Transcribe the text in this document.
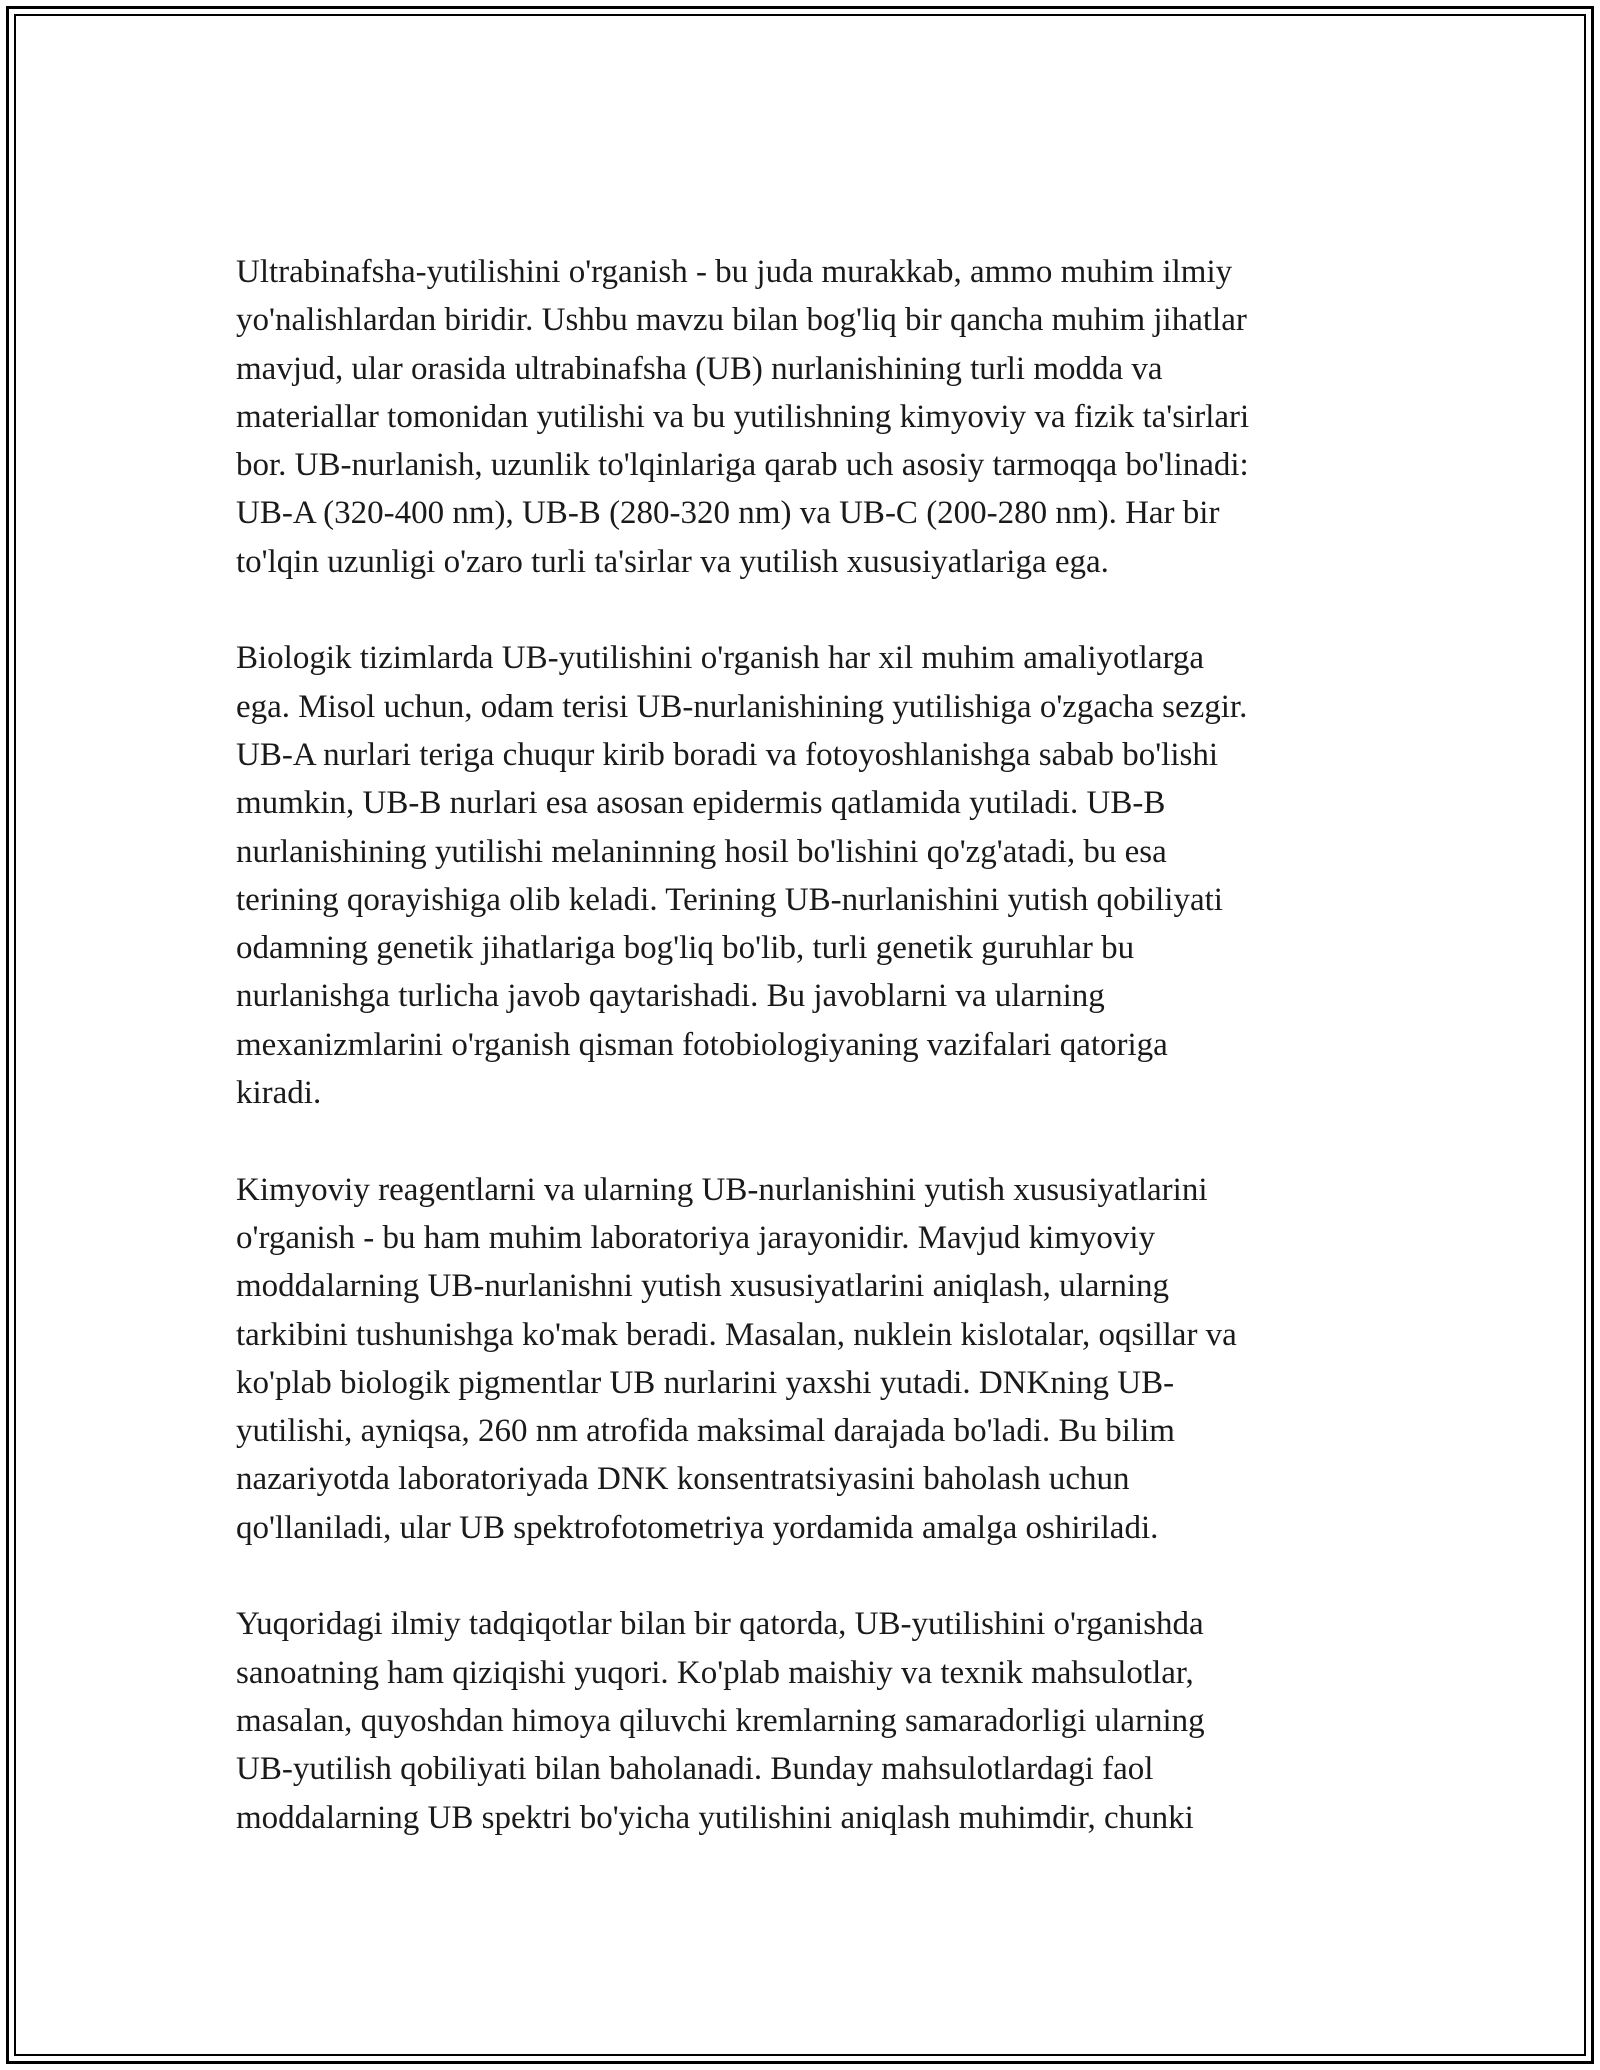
Ultrabinafsha-yutilishini o'rganish - bu juda murakkab, ammo muhim ilmiy
yo'nalishlardan biridir. Ushbu mavzu bilan bog'liq bir qancha muhim jihatlar
mavjud, ular orasida ultrabinafsha (UB) nurlanishining turli modda va
materiallar tomonidan yutilishi va bu yutilishning kimyoviy va fizik ta'sirlari
bor. UB-nurlanish, uzunlik to'lqinlariga qarab uch asosiy tarmoqqa bo'linadi:
UB-A (320-400 nm), UB-B (280-320 nm) va UB-C (200-280 nm). Har bir
to'lqin uzunligi o'zaro turli ta'sirlar va yutilish xususiyatlariga ega.
Biologik tizimlarda UB-yutilishini o'rganish har xil muhim amaliyotlarga
ega. Misol uchun, odam terisi UB-nurlanishining yutilishiga o'zgacha sezgir.
UB-A nurlari teriga chuqur kirib boradi va fotoyoshlanishga sabab bo'lishi
mumkin, UB-B nurlari esa asosan epidermis qatlamida yutiladi. UB-B
nurlanishining yutilishi melaninning hosil bo'lishini qo'zg'atadi, bu esa
terining qorayishiga olib keladi. Terining UB-nurlanishini yutish qobiliyati
odamning genetik jihatlariga bog'liq bo'lib, turli genetik guruhlar bu
nurlanishga turlicha javob qaytarishadi. Bu javoblarni va ularning
mexanizmlarini o'rganish qisman fotobiologiyaning vazifalari qatoriga
kiradi.
Kimyoviy reagentlarni va ularning UB-nurlanishini yutish xususiyatlarini
o'rganish - bu ham muhim laboratoriya jarayonidir. Mavjud kimyoviy
moddalarning UB-nurlanishni yutish xususiyatlarini aniqlash, ularning
tarkibini tushunishga ko'mak beradi. Masalan, nuklein kislotalar, oqsillar va
ko'plab biologik pigmentlar UB nurlarini yaxshi yutadi. DNKning UB-
yutilishi, ayniqsa, 260 nm atrofida maksimal darajada bo'ladi. Bu bilim
nazariyotda laboratoriyada DNK konsentratsiyasini baholash uchun
qo'llaniladi, ular UB spektrofotometriya yordamida amalga oshiriladi.
Yuqoridagi ilmiy tadqiqotlar bilan bir qatorda, UB-yutilishini o'rganishda
sanoatning ham qiziqishi yuqori. Ko'plab maishiy va texnik mahsulotlar,
masalan, quyoshdan himoya qiluvchi kremlarning samaradorligi ularning
UB-yutilish qobiliyati bilan baholanadi. Bunday mahsulotlardagi faol
moddalarning UB spektri bo'yicha yutilishini aniqlash muhimdir, chunki
